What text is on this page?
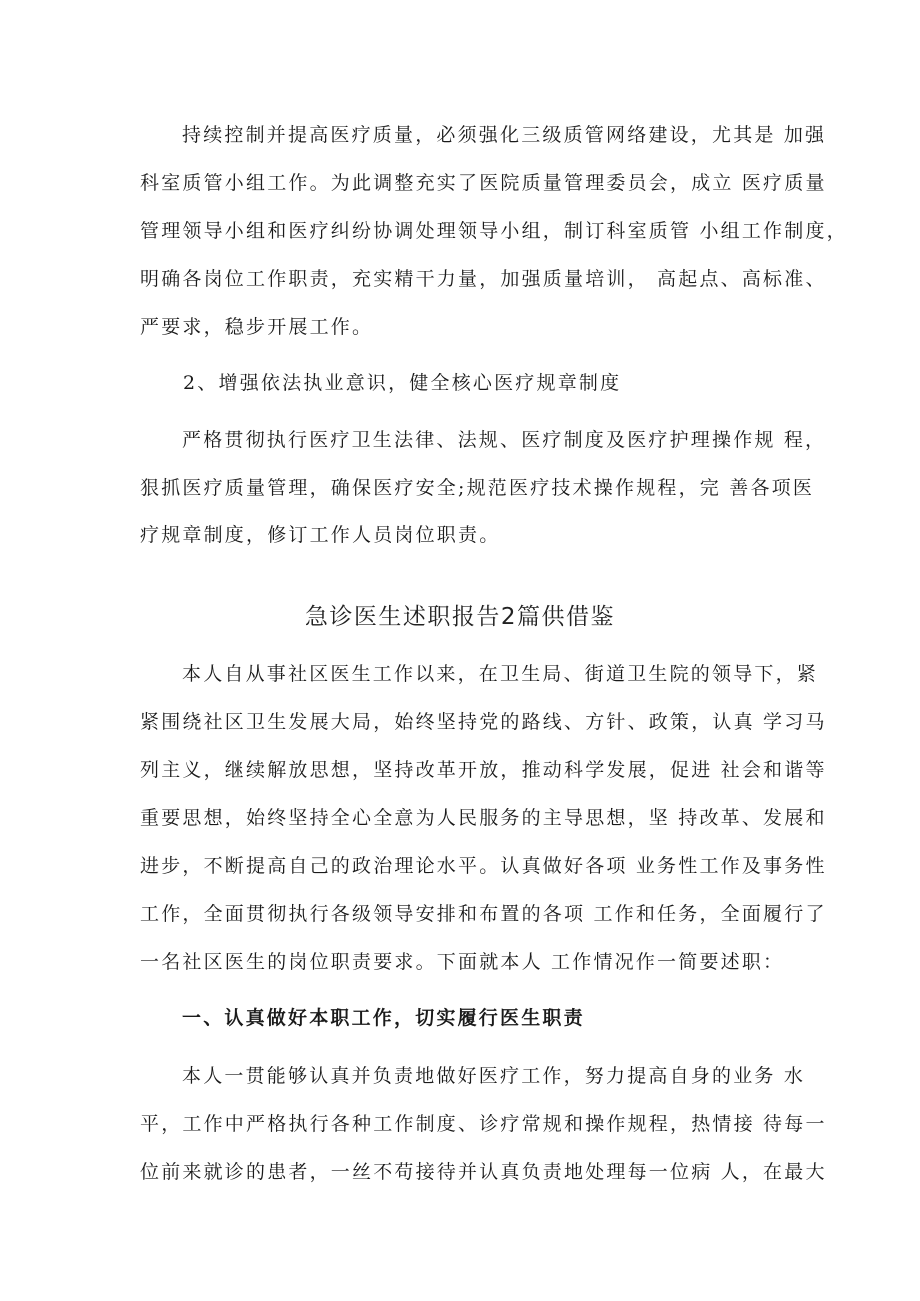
持续控制并提高医疗质量，必须强化三级质管网络建设，尤其是 加强
科室质管小组工作。为此调整充实了医院质量管理委员会，成立 医疗质量
管理领导小组和医疗纠纷协调处理领导小组，制订科室质管 小组工作制度，
明确各岗位工作职责，充实精干力量，加强质量培训， 高起点、高标准、
严要求，稳步开展工作。
2、增强依法执业意识，健全核心医疗规章制度
严格贯彻执行医疗卫生法律、法规、医疗制度及医疗护理操作规 程，
狠抓医疗质量管理，确保医疗安全;规范医疗技术操作规程，完 善各项医
疗规章制度，修订工作人员岗位职责。
急诊医生述职报告2篇供借鉴
本人自从事社区医生工作以来，在卫生局、街道卫生院的领导下，紧
紧围绕社区卫生发展大局，始终坚持党的路线、方针、政策，认真 学习马
列主义，继续解放思想，坚持改革开放，推动科学发展，促进 社会和谐等
重要思想，始终坚持全心全意为人民服务的主导思想，坚 持改革、发展和
进步，不断提高自己的政治理论水平。认真做好各项 业务性工作及事务性
工作，全面贯彻执行各级领导安排和布置的各项 工作和任务，全面履行了
一名社区医生的岗位职责要求。下面就本人 工作情况作一简要述职：
一、认真做好本职工作，切实履行医生职责
本人一贯能够认真并负责地做好医疗工作，努力提高自身的业务 水
平，工作中严格执行各种工作制度、诊疗常规和操作规程，热情接 待每一
位前来就诊的患者，一丝不苟接待并认真负责地处理每一位病 人，在最大
